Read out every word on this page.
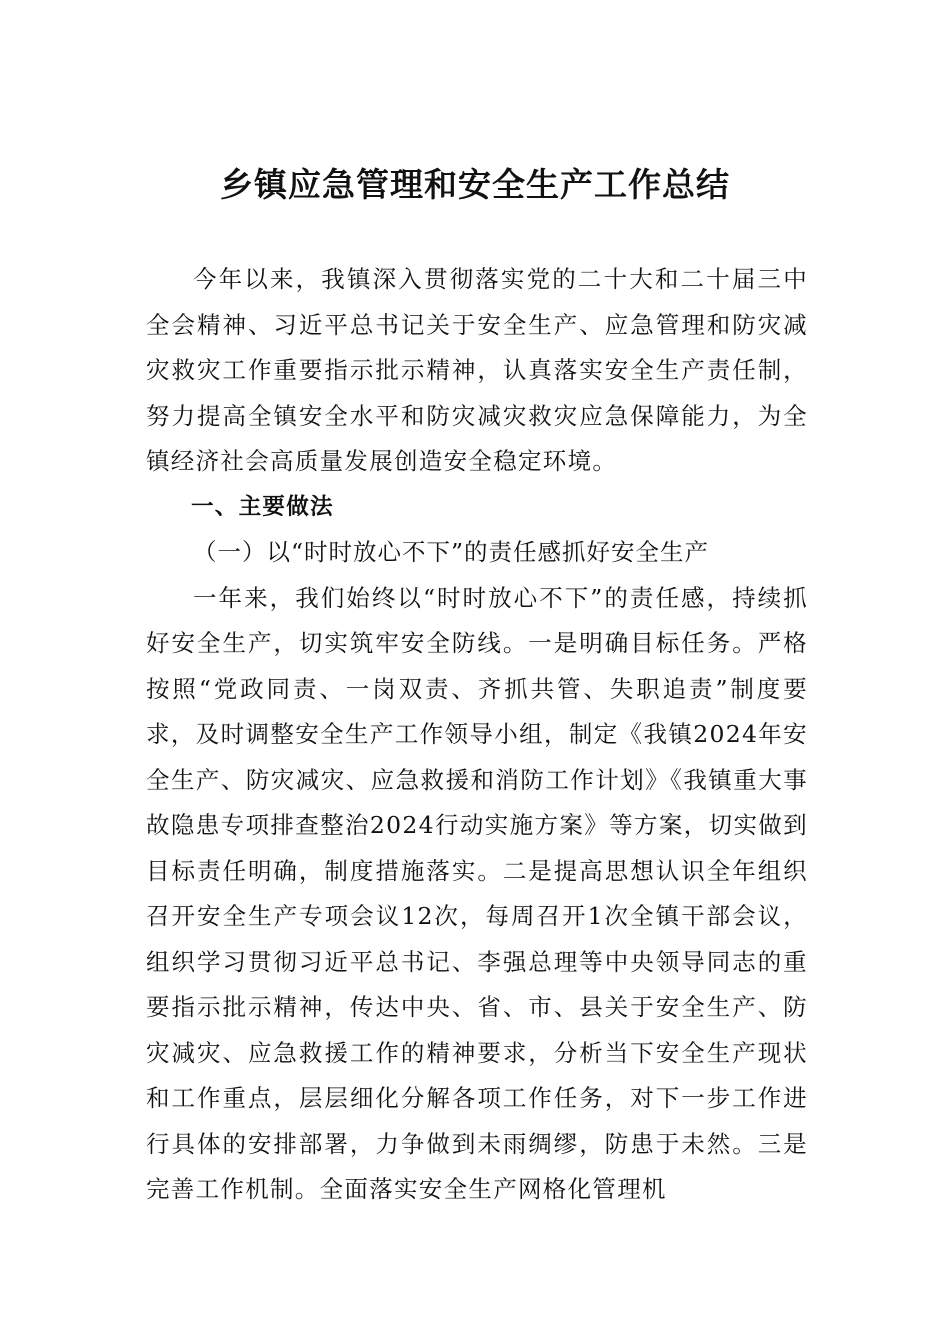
乡镇应急管理和安全生产工作总结

今年以来，我镇深入贯彻落实党的二十大和二十届三中全会精神、习近平总书记关于安全生产、应急管理和防灾减灾救灾工作重要指示批示精神，认真落实安全生产责任制，努力提高全镇安全水平和防灾减灾救灾应急保障能力，为全镇经济社会高质量发展创造安全稳定环境。

一、主要做法

（一）以“时时放心不下”的责任感抓好安全生产

一年来，我们始终以“时时放心不下”的责任感，持续抓好安全生产，切实筑牢安全防线。一是明确目标任务。严格按照“党政同责、一岗双责、齐抓共管、失职追责”制度要求，及时调整安全生产工作领导小组，制定《我镇2024年安全生产、防灾减灾、应急救援和消防工作计划》《我镇重大事故隐患专项排查整治2024行动实施方案》等方案，切实做到目标责任明确，制度措施落实。二是提高思想认识全年组织召开安全生产专项会议12次，每周召开1次全镇干部会议，组织学习贯彻习近平总书记、李强总理等中央领导同志的重要指示批示精神，传达中央、省、市、县关于安全生产、防灾减灾、应急救援工作的精神要求，分析当下安全生产现状和工作重点，层层细化分解各项工作任务，对下一步工作进行具体的安排部署，力争做到未雨绸缪，防患于未然。三是完善工作机制。全面落实安全生产网格化管理机
